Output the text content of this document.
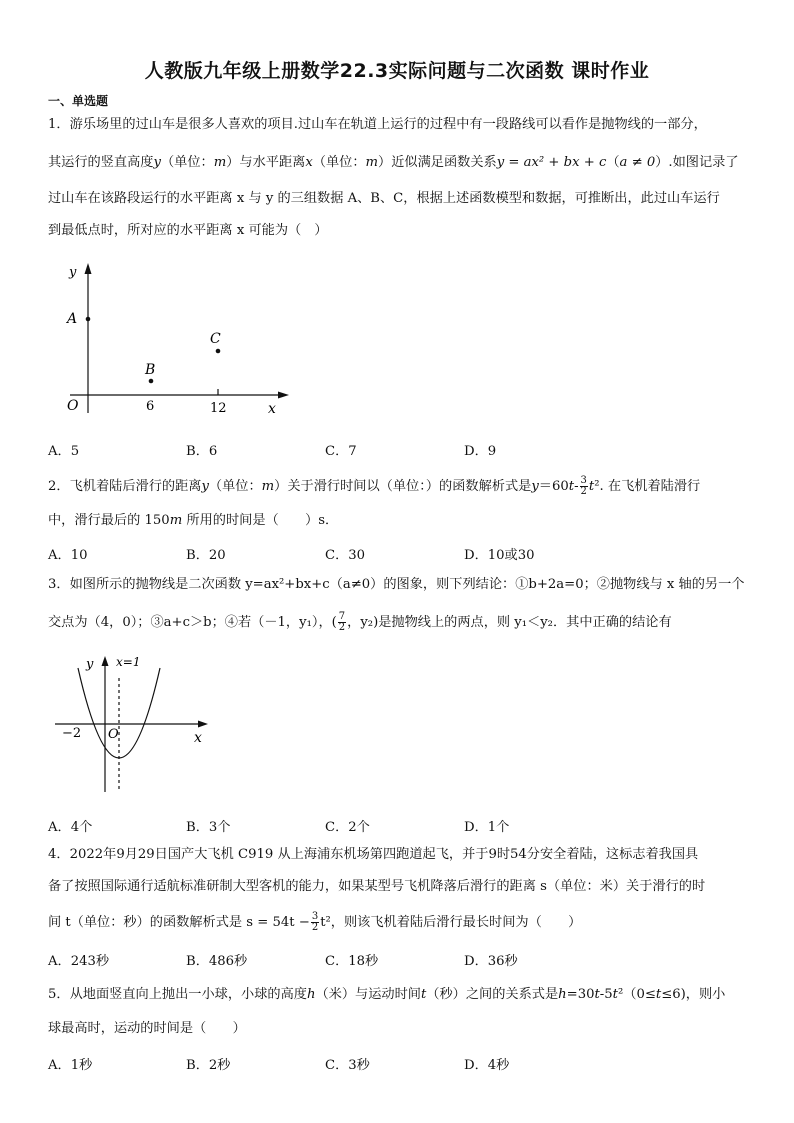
人教版九年级上册数学22.3实际问题与二次函数 课时作业
一、单选题
1．游乐场里的过山车是很多人喜欢的项目.过山车在轨道上运行的过程中有一段路线可以看作是抛物线的一部分，
其运行的竖直高度y（单位：m）与水平距离x（单位：m）近似满足函数关系y = ax² + bx + c（a ≠ 0）.如图记录了
过山车在该路段运行的水平距离 x 与 y 的三组数据 A、B、C，根据上述函数模型和数据，可推断出，此过山车运行
到最低点时，所对应的水平距离 x 可能为（　）
y
A
B
C
O	6	12	x
A．5	B．6	C．7	D．9
2．飞机着陆后滑行的距离y（单位：m）关于滑行时间以（单位：）的函数解析式是$y=60t- \frac{3}{2} t^2$. 在飞机着陆滑行
中，滑行最后的 150m 所用的时间是（　　）s．
A．10	B．20	C．30	D．10或30
3．如图所示的抛物线是二次函数 y=ax²+bx+c（a≠0）的图象，则下列结论：①b+2a=0；②抛物线与 x 轴的另一个
交点为（4，0）；③a+c＞b；④若（－1，y₁），( $\frac{7}{2}$ ，y₂)是抛物线上的两点，则 y₁＜y₂．其中正确的结论有
y x=1
−2 O	x
A．4个	B．3个	C．2个	D．1个
4．2022年9月29日国产大飞机 C919 从上海浦东机场第四跑道起飞，并于9时54分安全着陆，这标志着我国具
备了按照国际通行适航标准研制大型客机的能力，如果某型号飞机降落后滑行的距离 s（单位：米）关于滑行的时
间 t（单位：秒）的函数解析式是 $s = 54t - \frac{3}{2} t^2$，则该飞机着陆后滑行最长时间为（　　）
A．243秒	B．486秒	C．18秒	D．36秒
5．从地面竖直向上抛出一小球，小球的高度h（米）与运动时间t（秒）之间的关系式是h=30t-5t²（0≤t≤6)，则小
球最高时，运动的时间是（　　）
A．1秒	B．2秒	C．3秒	D．4秒
